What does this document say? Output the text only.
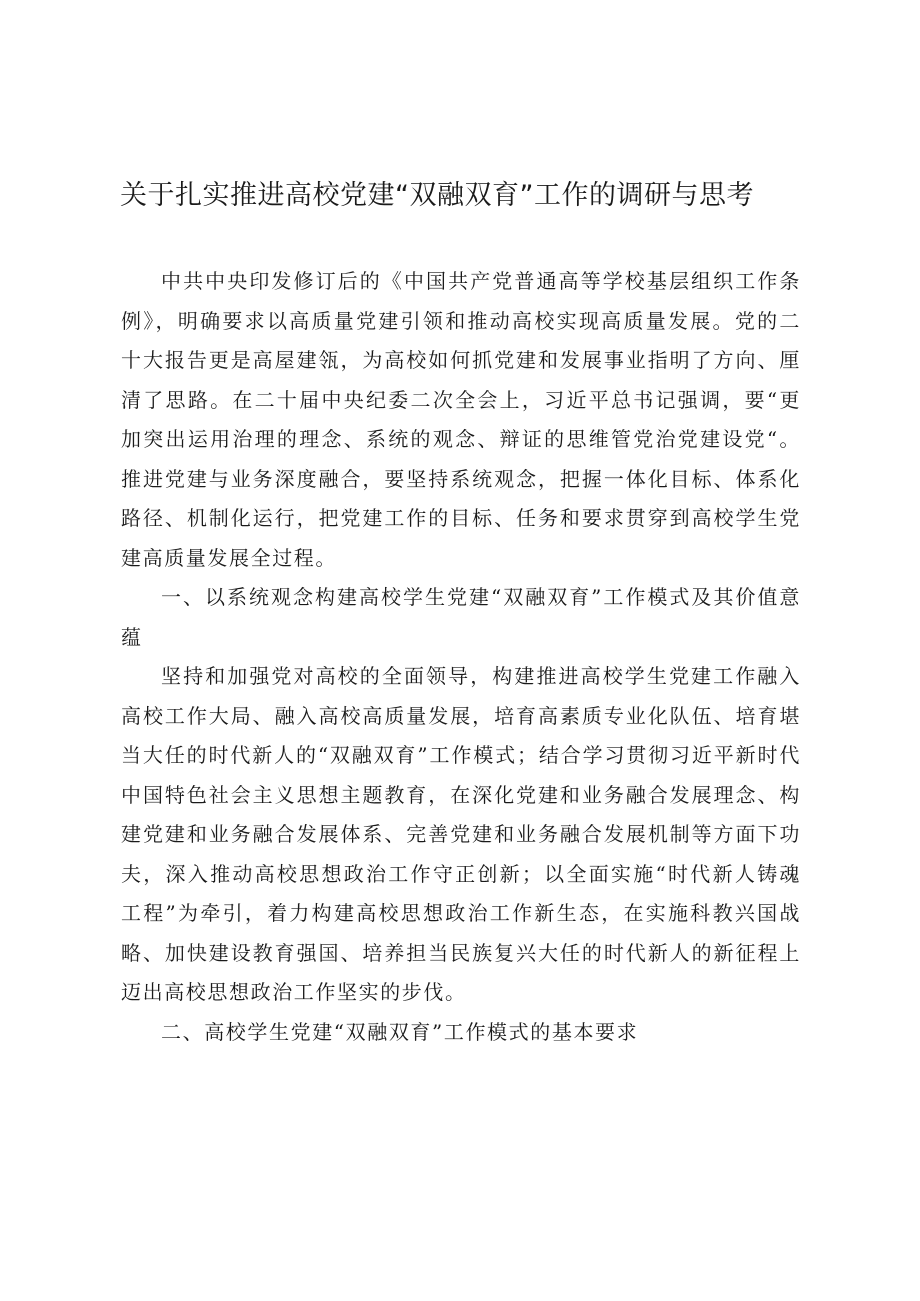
关于扎实推进高校党建“双融双育”工作的调研与思考

中共中央印发修订后的《中国共产党普通高等学校基层组织工作条例》，明确要求以高质量党建引领和推动高校实现高质量发展。党的二十大报告更是高屋建瓴，为高校如何抓党建和发展事业指明了方向、厘清了思路。在二十届中央纪委二次全会上，习近平总书记强调，要“更加突出运用治理的理念、系统的观念、辩证的思维管党治党建设党“。推进党建与业务深度融合，要坚持系统观念，把握一体化目标、体系化路径、机制化运行，把党建工作的目标、任务和要求贯穿到高校学生党建高质量发展全过程。

一、以系统观念构建高校学生党建“双融双育”工作模式及其价值意蕴

坚持和加强党对高校的全面领导，构建推进高校学生党建工作融入高校工作大局、融入高校高质量发展，培育高素质专业化队伍、培育堪当大任的时代新人的“双融双育”工作模式；结合学习贯彻习近平新时代中国特色社会主义思想主题教育，在深化党建和业务融合发展理念、构建党建和业务融合发展体系、完善党建和业务融合发展机制等方面下功夫，深入推动高校思想政治工作守正创新；以全面实施“时代新人铸魂工程”为牵引，着力构建高校思想政治工作新生态，在实施科教兴国战略、加快建设教育强国、培养担当民族复兴大任的时代新人的新征程上迈出高校思想政治工作坚实的步伐。

二、高校学生党建“双融双育”工作模式的基本要求
